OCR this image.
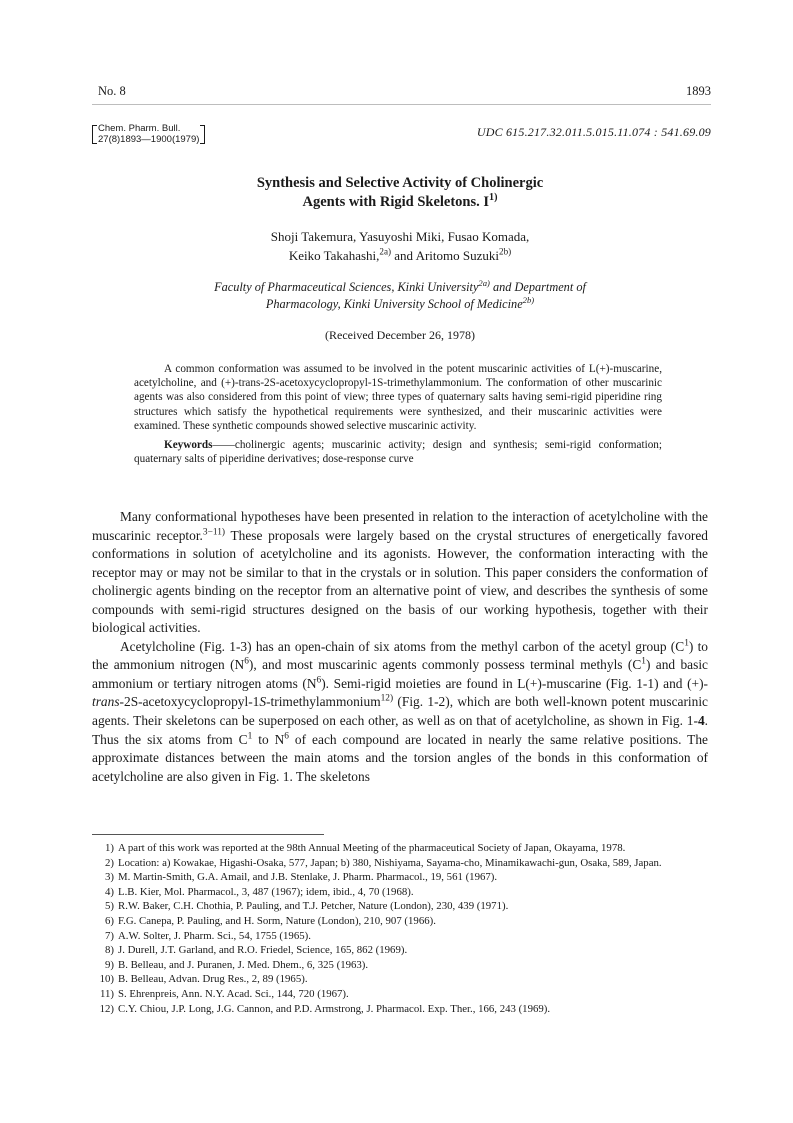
No. 8	1893
Chem. Pharm. Bull.
27(8)1893—1900(1979)	UDC 615.217.32.011.5.015.11.074 : 541.69.09
Synthesis and Selective Activity of Cholinergic
Agents with Rigid Skeletons. $I^{1)}$
Shoji Takemura, Yasuyoshi Miki, Fusao Komada,
Keiko Takahashi,$^{2a)}$ and Aritomo Suzuki$^{2b)}$
Faculty of Pharmaceutical Sciences, Kinki University$^{2a)}$ and Department of
Pharmacology, Kinki University School of Medicine$^{2b)}$
(Received December 26, 1978)

A common conformation was assumed to be involved in the potent muscarinic activities of L(+)-muscarine, acetylcholine, and (+)-trans-2S-acetoxycyclopropyl-1S-trimethylammonium. The conformation of other muscarinic agents was also considered from this point of view; three types of quaternary salts having semi-rigid piperidine ring structures which satisfy the hypothetical requirements were synthesized, and their muscarinic activities were examined. These synthetic compounds showed selective muscarinic activity.

Keywords——cholinergic agents; muscarinic activity; design and synthesis; semi-rigid conformation; quaternary salts of piperidine derivatives; dose-response curve

Many conformational hypotheses have been presented in relation to the interaction of acetylcholine with the muscarinic receptor.$^{3-11)}$ These proposals were largely based on the crystal structures of energetically favored conformations in solution of acetylcholine and its agonists. However, the conformation interacting with the receptor may or may not be similar to that in the crystals or in solution. This paper considers the conformation of cholinergic agents binding on the receptor from an alternative point of view, and describes the synthesis of some compounds with semi-rigid structures designed on the basis of our working hypothesis, together with their biological activities.

Acetylcholine (Fig. 1-3) has an open-chain of six atoms from the methyl carbon of the acetyl group $(C^1)$ to the ammonium nitrogen $(N^6)$, and most muscarinic agents commonly possess terminal methyls $(C^1)$ and basic ammonium or tertiary nitrogen atoms $(N^6)$. Semi-rigid moieties are found in L(+)-muscarine (Fig. 1-1) and (+)-trans-2S-acetoxycyclopropyl-1S-trimethylammonium$^{12)}$ (Fig. 1-2), which are both well-known potent muscarinic agents. Their skeletons can be superposed on each other, as well as on that of acetylcholine, as shown in Fig. 1-4. Thus the six atoms from $C^1$ to $N^6$ of each compound are located in nearly the same relative positions. The approximate distances between the main atoms and the torsion angles of the bonds in this conformation of acetylcholine are also given in Fig. 1. The skeletons

1) A part of this work was reported at the 98th Annual Meeting of the pharmaceutical Society of Japan, Okayama, 1978.
2) Location: a) Kowakae, Higashi-Osaka, 577, Japan; b) 380, Nishiyama, Sayama-cho, Minamikawachi-gun, Osaka, 589, Japan.
3) M. Martin-Smith, G.A. Amail, and J.B. Stenlake, J. Pharm. Pharmacol., 19, 561 (1967).
4) L.B. Kier, Mol. Pharmacol., 3, 487 (1967); idem, ibid., 4, 70 (1968).
5) R.W. Baker, C.H. Chothia, P. Pauling, and T.J. Petcher, Nature (London), 230, 439 (1971).
6) F.G. Canepa, P. Pauling, and H. Sorm, Nature (London), 210, 907 (1966).
7) A.W. Solter, J. Pharm. Sci., 54, 1755 (1965).
8) J. Durell, J.T. Garland, and R.O. Friedel, Science, 165, 862 (1969).
9) B. Belleau, and J. Puranen, J. Med. Dhem., 6, 325 (1963).
10) B. Belleau, Advan. Drug Res., 2, 89 (1965).
11) S. Ehrenpreis, Ann. N.Y. Acad. Sci., 144, 720 (1967).
12) C.Y. Chiou, J.P. Long, J.G. Cannon, and P.D. Armstrong, J. Pharmacol. Exp. Ther., 166, 243 (1969).
